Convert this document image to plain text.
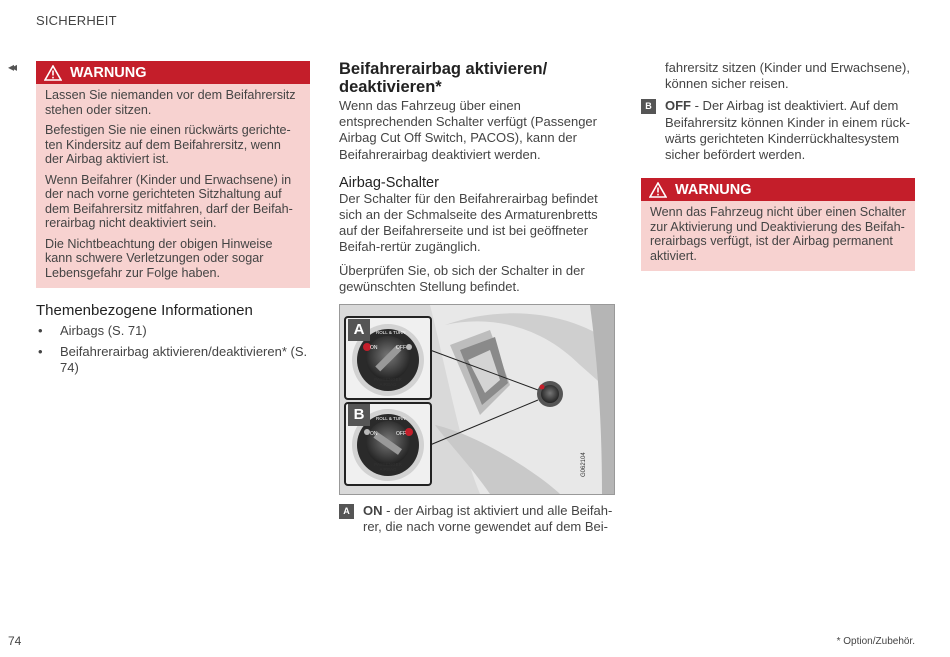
SICHERHEIT
◂◂	WARNUNG

Lassen Sie niemanden vor dem Beifahrersitz stehen oder sitzen.

Befestigen Sie nie einen rückwärts gerichte-ten Kindersitz auf dem Beifahrersitz, wenn der Airbag aktiviert ist.

Wenn Beifahrer (Kinder und Erwachsene) in der nach vorne gerichteten Sitzhaltung auf dem Beifahrersitz mitfahren, darf der Beifah-rerairbag nicht deaktiviert sein.

Die Nichtbeachtung der obigen Hinweise kann schwere Verletzungen oder sogar Lebensgefahr zur Folge haben.

Themenbezogene Informationen
• Airbags (S. 71)
• Beifahrerairbag aktivieren/deaktivieren* (S. 74)
Beifahrerairbag aktivieren/ deaktivieren*

Wenn das Fahrzeug über einen entsprechenden Schalter verfügt (Passenger Airbag Cut Off Switch, PACOS), kann der Beifahrerairbag deaktiviert werden.

Airbag-Schalter

Der Schalter für den Beifahrerairbag befindet sich an der Schmalseite des Armaturenbretts auf der Beifahrerseite und ist bei geöffneter Beifah-rertür zugänglich.

Überprüfen Sie, ob sich der Schalter in der gewünschten Stellung befindet.

A
B
ROLL & TURN
ON	OFF
PASSENGER AIRBAG
ROLL & TURN
ON	OFF
PASSENGER AIRBAG	G062104
A	ON - der Airbag ist aktiviert und alle Beifah-rer, die nach vorne gewendet auf dem Bei-
fahrersitz sitzen (Kinder und Erwachsene), können sicher reisen.
B	OFF - Der Airbag ist deaktiviert. Auf dem Beifahrersitz können Kinder in einem rück-wärts gerichteten Kinderrückhaltesystem sicher befördert werden.
WARNUNG

Wenn das Fahrzeug nicht über einen Schalter zur Aktivierung und Deaktivierung des Beifah-rerairbags verfügt, ist der Airbag permanent aktiviert.

74	* Option/Zubehör.
